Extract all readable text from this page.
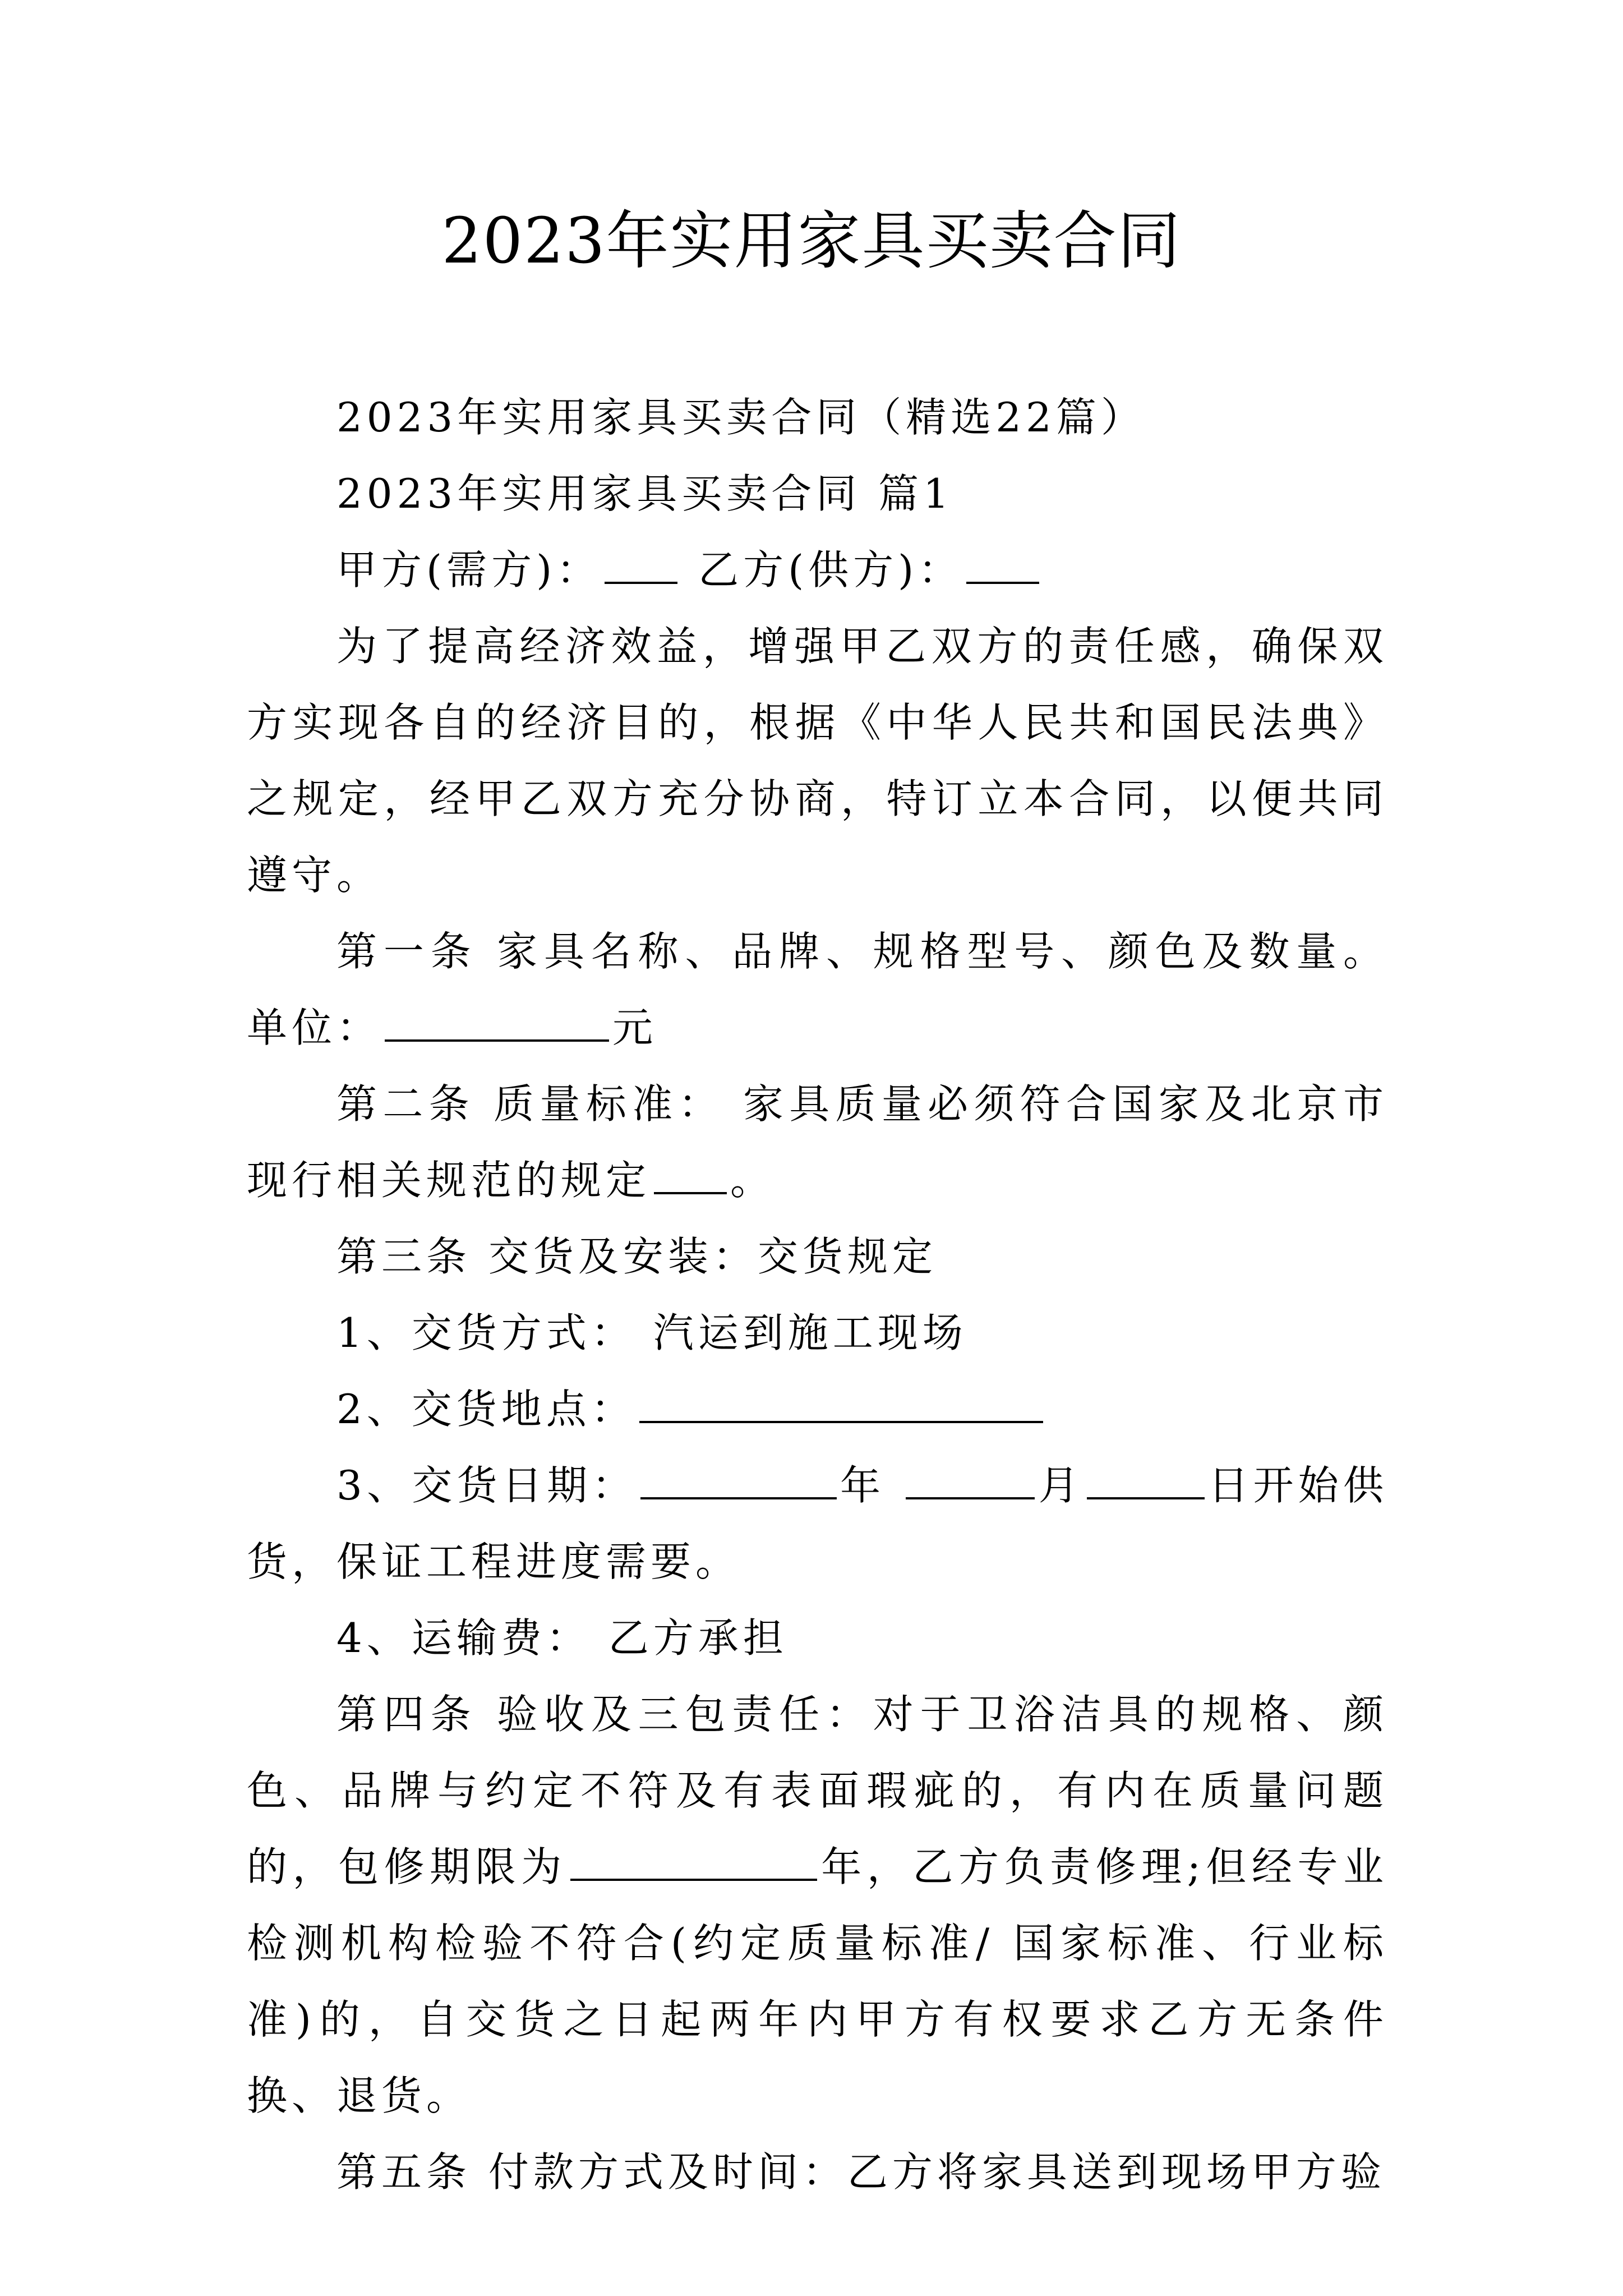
2023年实用家具买卖合同

2023年实用家具买卖合同（精选22篇）

2023年实用家具买卖合同 篇1

甲方(需方)： 乙方(供方)：

为了提高经济效益，增强甲乙双方的责任感，确保双方实现各自的经济目的，根据《中华人民共和国民法典》之规定，经甲乙双方充分协商，特订立本合同，以便共同遵守。

第一条 家具名称、品牌、规格型号、颜色及数量。 单位：	元

第二条 质量标准： 家具质量必须符合国家及北京市现行相关规范的规定 。

第三条 交货及安装：交货规定

1、交货方式： 汽运到施工现场

2、交货地点：

3、交货日期：	年	月	日开始供货，保证工程进度需要。

4、运输费： 乙方承担

第四条 验收及三包责任：对于卫浴洁具的规格、颜色、品牌与约定不符及有表面瑕疵的，有内在质量问题的，包修期限为	年，乙方负责修理;但经专业检测机构检验不符合(约定质量标准/ 国家标准、行业标准)的，自交货之日起两年内甲方有权要求乙方无条件换、退货。

第五条 付款方式及时间：乙方将家具送到现场甲方验
